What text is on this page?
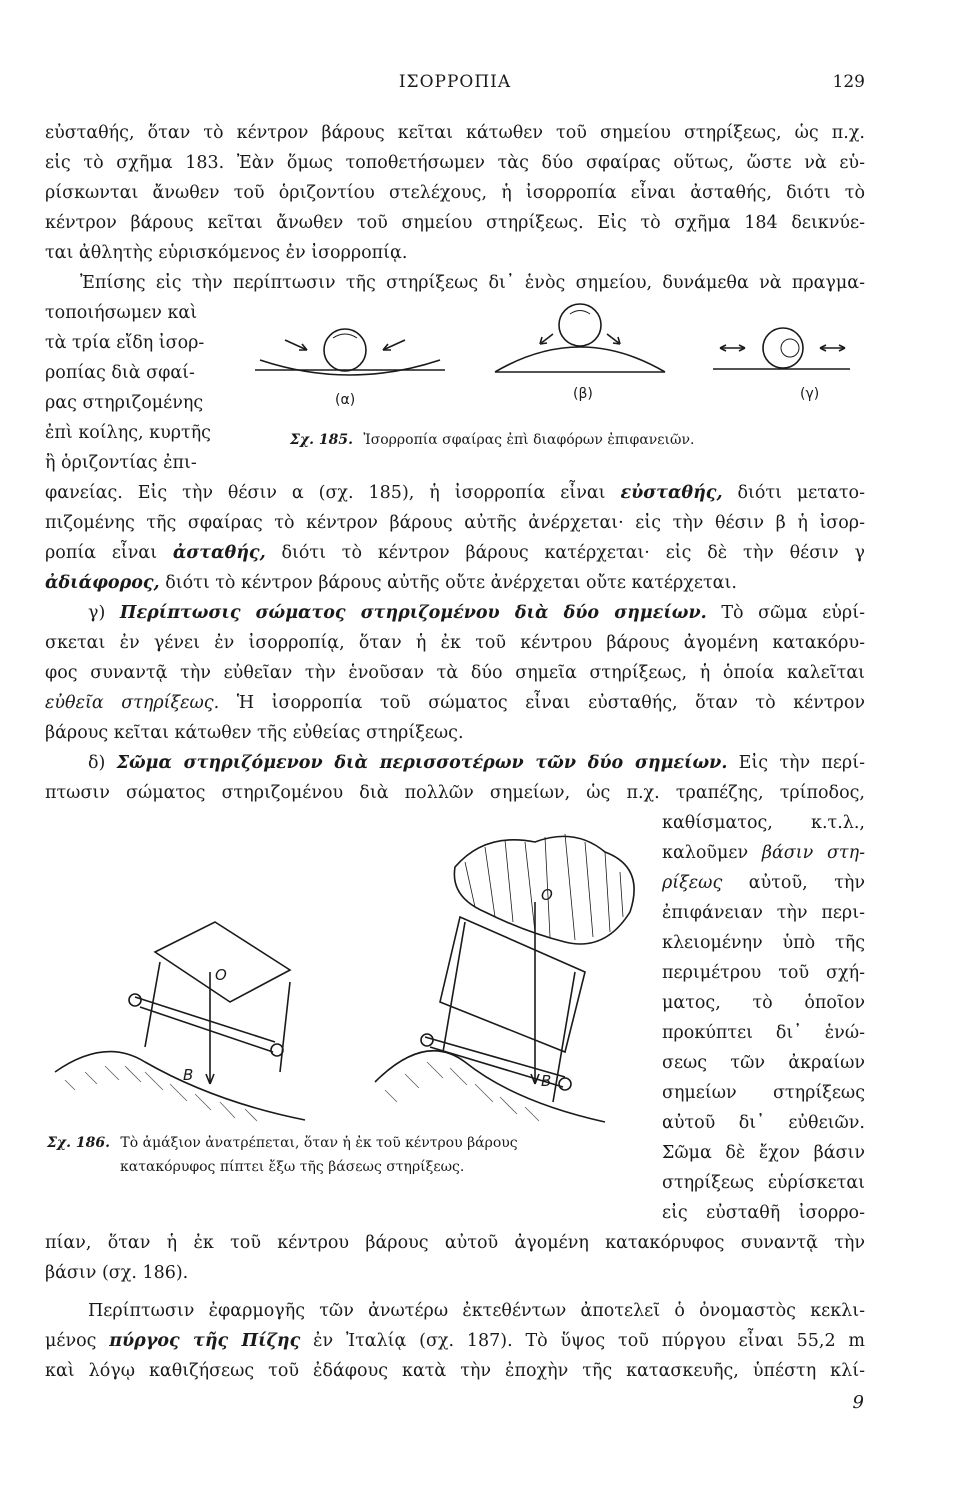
ΙΣΟΡΡΟΠΙΑ	129
εὐσταθής, ὅταν τὸ κέντρον βάρους κεῖται κάτωθεν τοῦ σημείου στηρίξεως, ὡς π.χ.
εἰς τὸ σχῆμα 183. Ἐὰν ὅμως τοποθετήσωμεν τὰς δύο σφαίρας οὕτως, ὥστε νὰ εὑ-
ρίσκωνται ἄνωθεν τοῦ ὁριζοντίου στελέχους, ἡ ἰσορροπία εἶναι ἀσταθής, διότι τὸ
κέντρον βάρους κεῖται ἄνωθεν τοῦ σημείου στηρίξεως. Εἰς τὸ σχῆμα 184 δεικνύε-
ται ἀθλητὴς εὑρισκόμενος ἐν ἰσορροπίᾳ.
Ἐπίσης εἰς τὴν περίπτωσιν τῆς στηρίξεως δι᾽ ἑνὸς σημείου, δυνάμεθα νὰ πραγμα-
τοποιήσωμεν καὶ
τὰ τρία εἴδη ἰσορ-
ροπίας διὰ σφαί-
ρας στηριζομένης
ἐπὶ κοίλης, κυρτῆς
ἢ ὁριζοντίας ἐπι-
(α)	(β)	(γ)
Σχ. 185. Ἰσορροπία σφαίρας ἐπὶ διαφόρων ἐπιφανειῶν.
φανείας. Εἰς τὴν θέσιν α (σχ. 185), ἡ ἰσορροπία εἶναι εὐσταθής, διότι μετατο-
πιζομένης τῆς σφαίρας τὸ κέντρον βάρους αὐτῆς ἀνέρχεται· εἰς τὴν θέσιν β ἡ ἰσορ-
ροπία εἶναι ἀσταθής, διότι τὸ κέντρον βάρους κατέρχεται· εἰς δὲ τὴν θέσιν γ
ἀδιάφορος, διότι τὸ κέντρον βάρους αὐτῆς οὔτε ἀνέρχεται οὔτε κατέρχεται.
γ) Περίπτωσις σώματος στηριζομένου διὰ δύο σημείων. Τὸ σῶμα εὑρί-
σκεται ἐν γένει ἐν ἰσορροπίᾳ, ὅταν ἡ ἐκ τοῦ κέντρου βάρους ἀγομένη κατακόρυ-
φος συναντᾷ τὴν εὐθεῖαν τὴν ἑνοῦσαν τὰ δύο σημεῖα στηρίξεως, ἡ ὁποία καλεῖται
εὐθεῖα στηρίξεως. Ἡ ἰσορροπία τοῦ σώματος εἶναι εὐσταθής, ὅταν τὸ κέντρον
βάρους κεῖται κάτωθεν τῆς εὐθείας στηρίξεως.
δ) Σῶμα στηριζόμενον διὰ περισσοτέρων τῶν δύο σημείων. Εἰς τὴν περί-
πτωσιν σώματος στηριζομένου διὰ πολλῶν σημείων, ὡς π.χ. τραπέζης, τρίποδος,
καθίσματος, κ.τ.λ.,
καλοῦμεν βάσιν στη-
ρίξεως αὐτοῦ, τὴν
ἐπιφάνειαν τὴν περι-
κλειομένην ὑπὸ τῆς
περιμέτρου τοῦ σχή-
ματος, τὸ ὁποῖον
προκύπτει δι᾽ ἑνώ-
σεως τῶν ἀκραίων
σημείων στηρίξεως
αὐτοῦ δι᾽ εὐθειῶν.
Σῶμα δὲ ἔχον βάσιν
στηρίξεως εὑρίσκεται
εἰς εὐσταθῆ ἰσορρο-
O
B
O
B
Σχ. 186. Τὸ ἁμάξιον ἀνατρέπεται, ὅταν ἡ ἐκ τοῦ κέντρου βάρους
κατακόρυφος πίπτει ἔξω τῆς βάσεως στηρίξεως.
πίαν, ὅταν ἡ ἐκ τοῦ κέντρου βάρους αὐτοῦ ἀγομένη κατακόρυφος συναντᾷ τὴν
βάσιν (σχ. 186).
Περίπτωσιν ἐφαρμογῆς τῶν ἀνωτέρω ἐκτεθέντων ἀποτελεῖ ὁ ὀνομαστὸς κεκλι-
μένος πύργος τῆς Πίζης ἐν Ἰταλίᾳ (σχ. 187). Τὸ ὕψος τοῦ πύργου εἶναι 55,2 m
καὶ λόγῳ καθιζήσεως τοῦ ἐδάφους κατὰ τὴν ἐποχὴν τῆς κατασκευῆς, ὑπέστη κλί-
9
